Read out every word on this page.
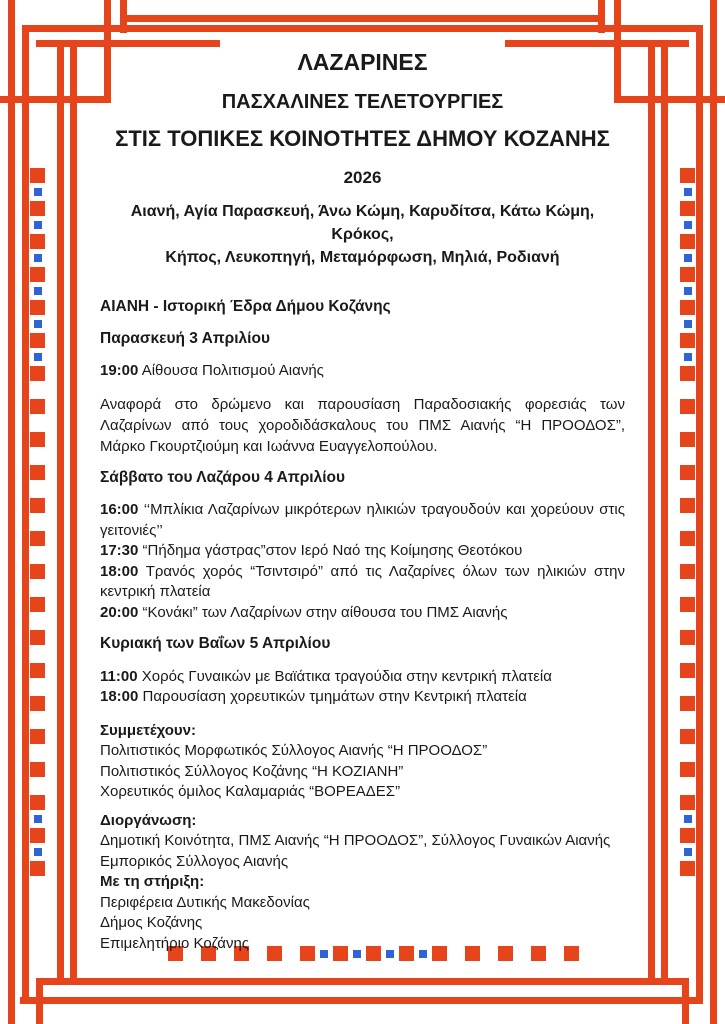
ΛΑΖΑΡΙΝΕΣ
ΠΑΣΧΑΛΙΝΕΣ ΤΕΛΕΤΟΥΡΓΙΕΣ
ΣΤΙΣ ΤΟΠΙΚΕΣ ΚΟΙΝΟΤΗΤΕΣ ΔΗΜΟΥ ΚΟΖΑΝΗΣ
2026
Αιανή, Αγία Παρασκευή, Άνω Κώμη, Καρυδίτσα, Κάτω Κώμη, Κρόκος,
Κήπος, Λευκοπηγή, Μεταμόρφωση, Μηλιά, Ροδιανή
ΑΙΑΝΗ - Ιστορική Έδρα Δήμου Κοζάνης
Παρασκευή 3 Απριλίου
19:00 Αίθουσα Πολιτισμού Αιανής
Αναφορά στο δρώμενο και παρουσίαση Παραδοσιακής φορεσιάς των Λαζαρίνων από τους χοροδιδάσκαλους του ΠΜΣ Αιανής “Η ΠΡΟΟΔΟΣ”, Μάρκο Γκουρτζιούμη και Ιωάννα Ευαγγελοπούλου.
Σάββατο του Λαζάρου 4 Απριλίου
16:00 ‘‘Μπλίκια Λαζαρίνων μικρότερων ηλικιών τραγουδούν και χορεύουν στις γειτονιές’’
17:30 “Πήδημα γάστρας”στον Ιερό Ναό της Κοίμησης Θεοτόκου
18:00 Τρανός χορός “Τσιντσιρό” από τις Λαζαρίνες όλων των ηλικιών στην κεντρική πλατεία
20:00 “Κονάκι” των Λαζαρίνων στην αίθουσα του ΠΜΣ Αιανής
Κυριακή των Βαΐων 5 Απριλίου
11:00 Χορός Γυναικών με Βαϊάτικα τραγούδια στην κεντρική πλατεία
18:00 Παρουσίαση χορευτικών τμημάτων στην Κεντρική πλατεία
Συμμετέχουν:
Πολιτιστικός Μορφωτικός Σύλλογος Αιανής “Η ΠΡΟΟΔΟΣ”
Πολιτιστικός Σύλλογος Κοζάνης “Η ΚΟΖΙΑΝΗ”
Χορευτικός όμιλος Καλαμαριάς “ΒΟΡΕΑΔΕΣ”
Διοργάνωση:
Δημοτική Κοινότητα, ΠΜΣ Αιανής “Η ΠΡΟΟΔΟΣ”, Σύλλογος Γυναικών Αιανής
Εμπορικός Σύλλογος Αιανής
Με τη στήριξη:
Περιφέρεια Δυτικής Μακεδονίας
Δήμος Κοζάνης
Επιμελητήριο Κοζάνης
